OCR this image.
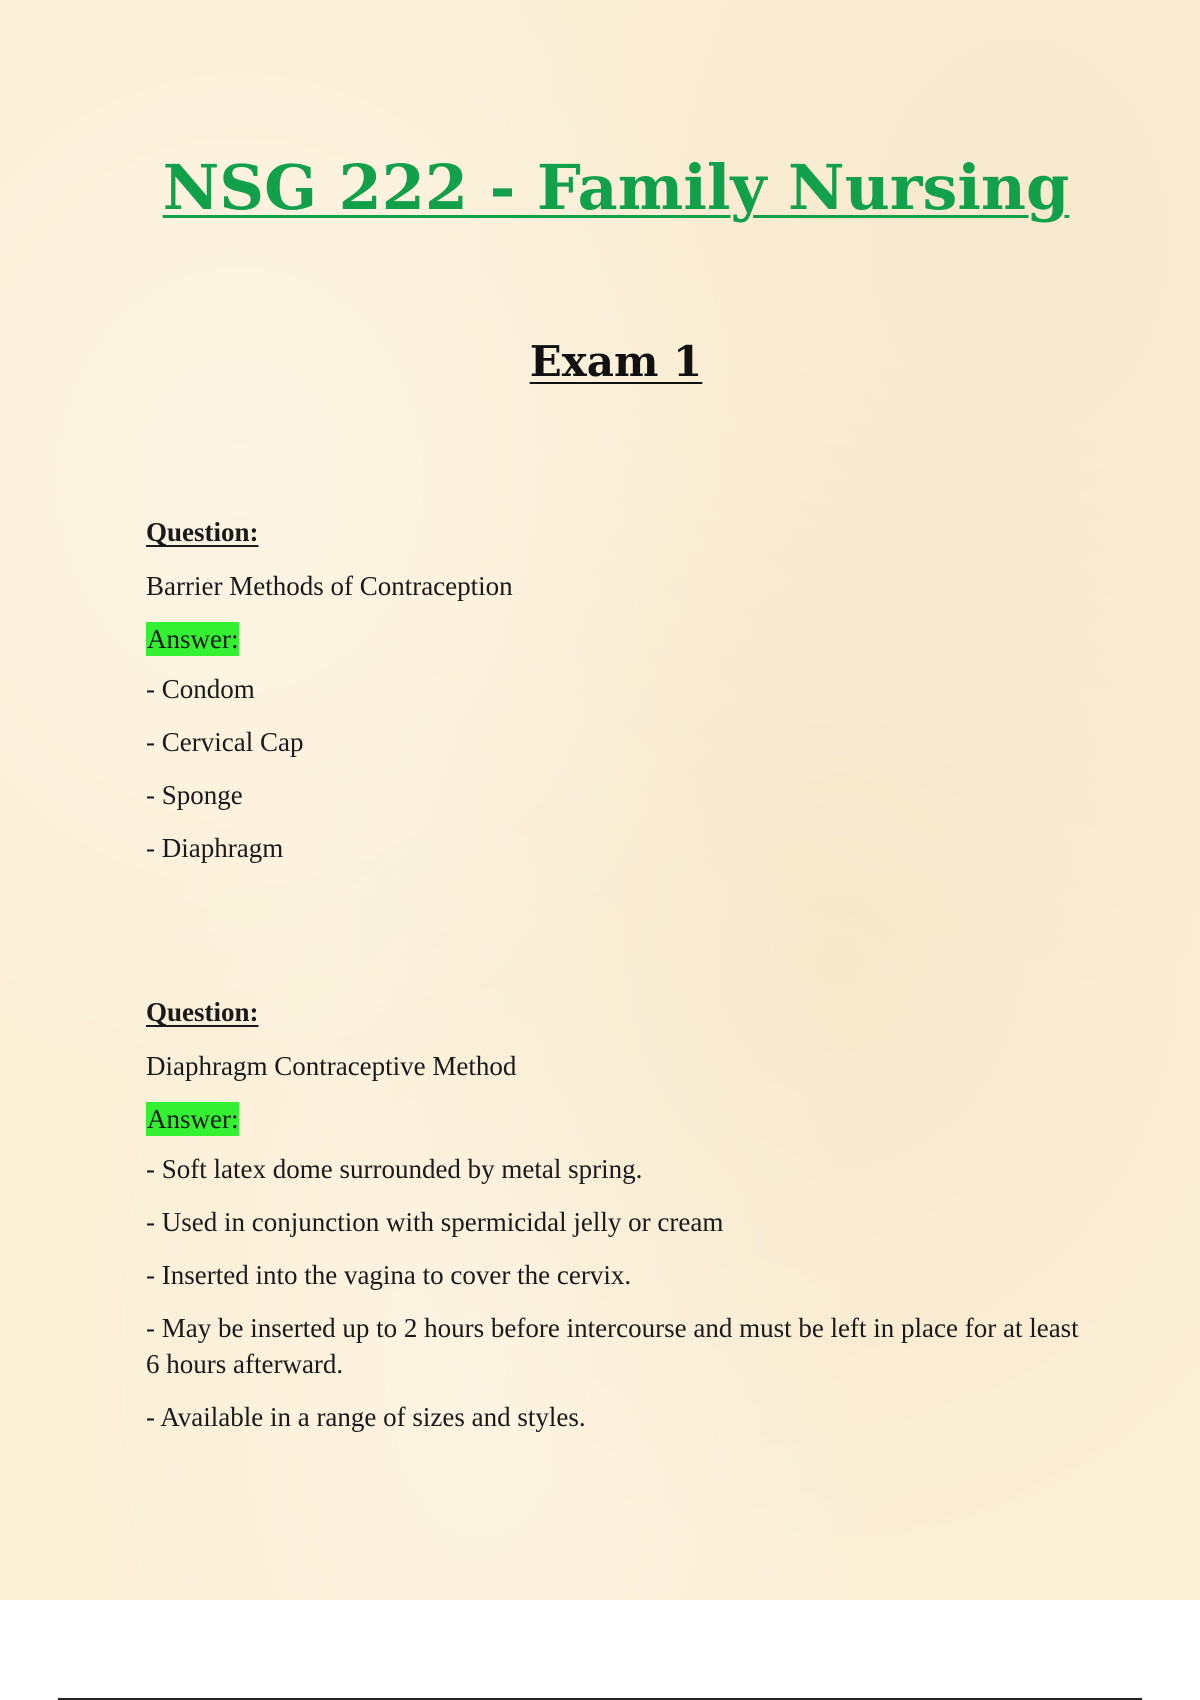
NSG 222 - Family Nursing
Exam 1

Question:

Barrier Methods of Contraception

Answer:
- Condom
- Cervical Cap
- Sponge
- Diaphragm

Question:

Diaphragm Contraceptive Method

Answer:
- Soft latex dome surrounded by metal spring.
- Used in conjunction with spermicidal jelly or cream
- Inserted into the vagina to cover the cervix.
- May be inserted up to 2 hours before intercourse and must be left in place for at least 6 hours afterward.
- Available in a range of sizes and styles.
